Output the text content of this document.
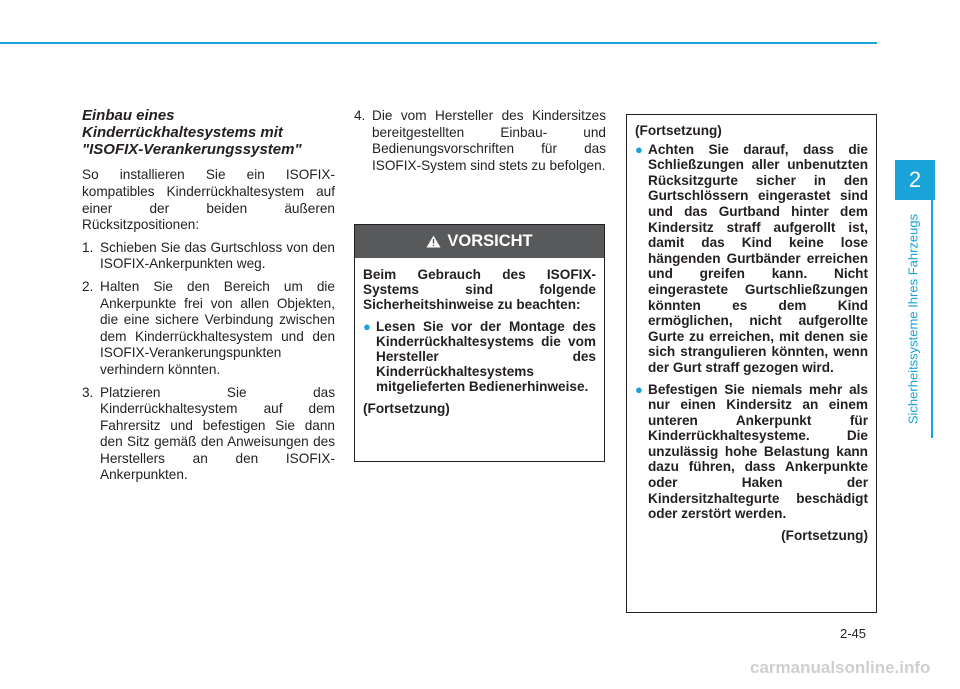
Einbau eines
Kinderrückhaltesystems mit
"ISOFIX-Verankerungssystem"

So installieren Sie ein ISOFIX-kompatibles Kinderrückhaltesystem auf einer der beiden äußeren Rücksitzpositionen:

1. Schieben Sie das Gurtschloss von den ISOFIX-Ankerpunkten weg.
2. Halten Sie den Bereich um die Ankerpunkte frei von allen Objekten, die eine sichere Verbindung zwischen dem Kinderrückhaltesystem und den ISOFIX-Verankerungspunkten verhindern könnten.
3. Platzieren Sie das Kinderrückhaltesystem auf dem Fahrersitz und befestigen Sie dann den Sitz gemäß den Anweisungen des Herstellers an den ISOFIX-Ankerpunkten.
4. Die vom Hersteller des Kindersitzes bereitgestellten Einbau- und Bedienungsvorschriften für das ISOFIX-System sind stets zu befolgen.
VORSICHT

Beim Gebrauch des ISOFIX-Systems sind folgende Sicherheitshinweise zu beachten:

● Lesen Sie vor der Montage des Kinderrückhaltesystems die vom Hersteller des Kinderrückhaltesystems mitgelieferten Bedienerhinweise.

(Fortsetzung)

(Fortsetzung)

● Achten Sie darauf, dass die Schließzungen aller unbenutzten Rücksitzgurte sicher in den Gurtschlössern eingerastet sind und das Gurtband hinter dem Kindersitz straff aufgerollt ist, damit das Kind keine lose hängenden Gurtbänder erreichen und greifen kann. Nicht eingerastete Gurtschließzungen könnten es dem Kind ermöglichen, nicht aufgerollte Gurte zu erreichen, mit denen sie sich strangulieren könnten, wenn der Gurt straff gezogen wird.
● Befestigen Sie niemals mehr als nur einen Kindersitz an einem unteren Ankerpunkt für Kinderrückhaltesysteme. Die unzulässig hohe Belastung kann dazu führen, dass Ankerpunkte oder Haken der Kindersitzhaltegurte beschädigt oder zerstört werden.

(Fortsetzung)

2
Sicherheitssysteme Ihres Fahrzeugs
2-45
carmanualsonline.info
